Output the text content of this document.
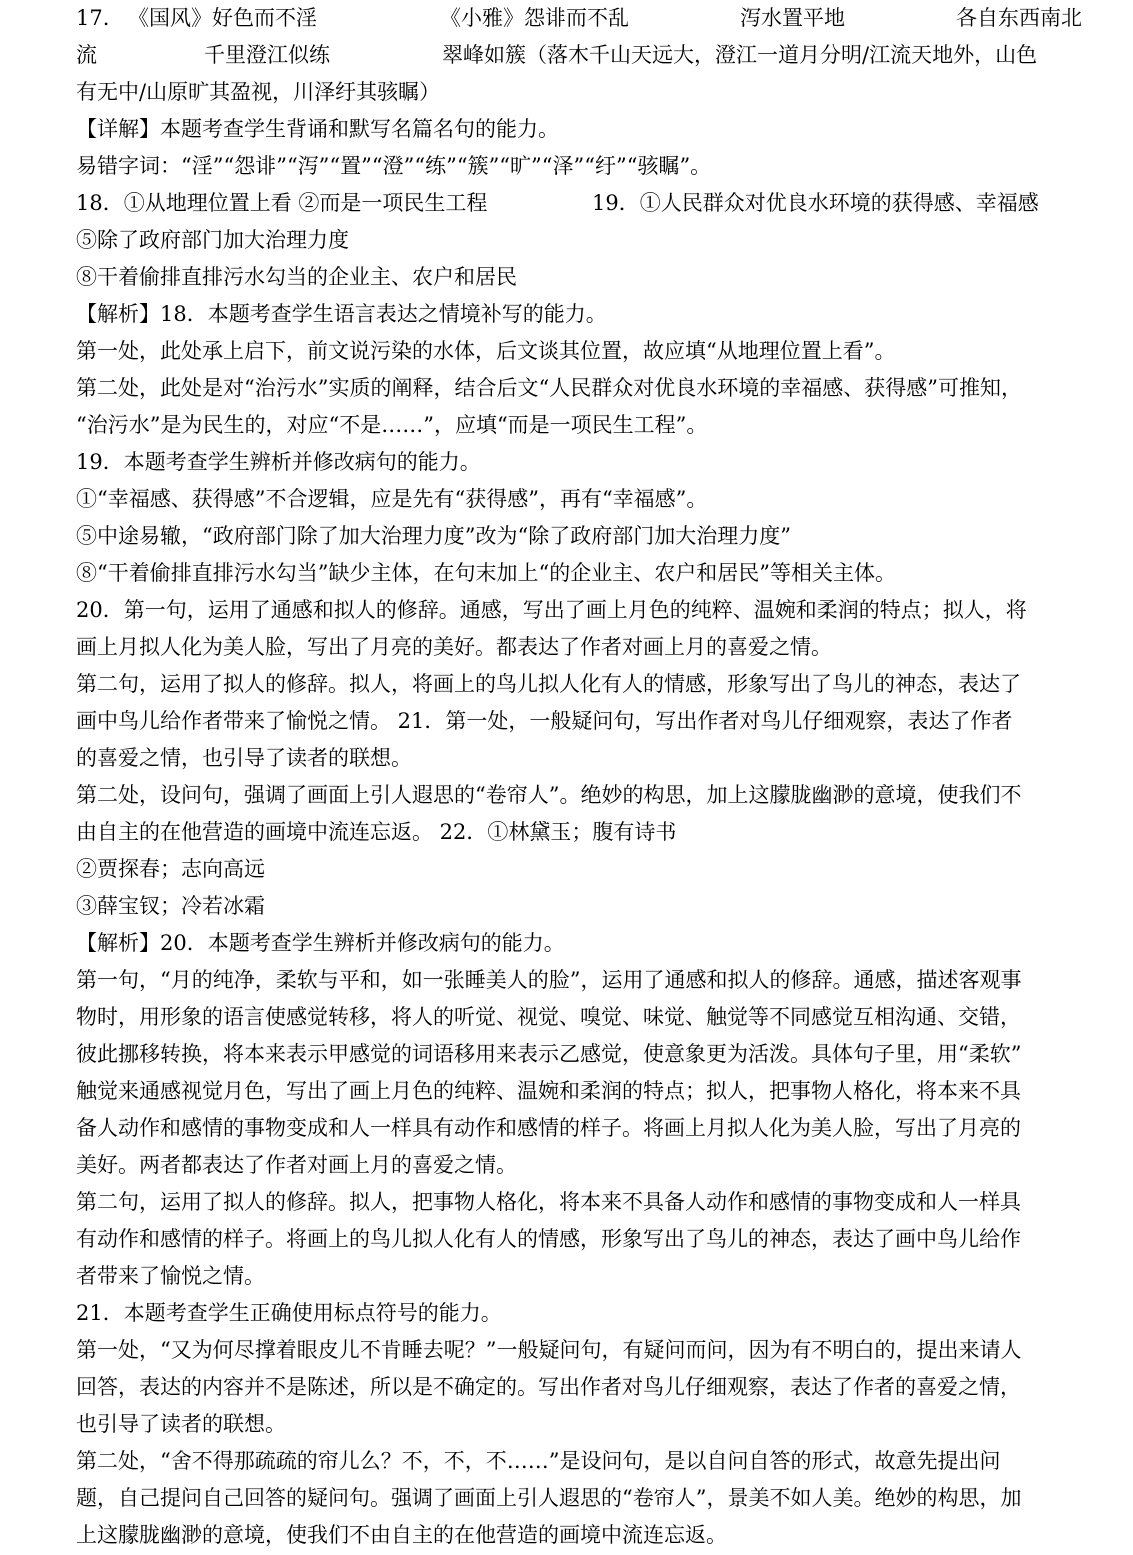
17. 《国风》好色而不淫	《小雅》怨诽而不乱	泻水置平地	各自东西南北
流	千里澄江似练	翠峰如簇（落木千山天远大，澄江一道月分明/江流天地外，山色
有无中/山原旷其盈视，川泽纡其骇瞩）
【详解】本题考查学生背诵和默写名篇名句的能力。
易错字词：“淫”“怨诽”“泻”“置”“澄”“练”“簇”“旷”“泽”“纡”“骇瞩”。
18．①从地理位置上看 ②而是一项民生工程	19．①人民群众对优良水环境的获得感、幸福感
⑤除了政府部门加大治理力度
⑧干着偷排直排污水勾当的企业主、农户和居民
【解析】18．本题考查学生语言表达之情境补写的能力。
第一处，此处承上启下，前文说污染的水体，后文谈其位置，故应填“从地理位置上看”。
第二处，此处是对“治污水”实质的阐释，结合后文“人民群众对优良水环境的幸福感、获得感”可推知，
“治污水”是为民生的，对应“不是……”，应填“而是一项民生工程”。
19．本题考查学生辨析并修改病句的能力。
①“幸福感、获得感”不合逻辑，应是先有“获得感”，再有“幸福感”。
⑤中途易辙，“政府部门除了加大治理力度”改为“除了政府部门加大治理力度”
⑧“干着偷排直排污水勾当”缺少主体，在句末加上“的企业主、农户和居民”等相关主体。
20．第一句，运用了通感和拟人的修辞。通感，写出了画上月色的纯粹、温婉和柔润的特点；拟人，将
画上月拟人化为美人脸，写出了月亮的美好。都表达了作者对画上月的喜爱之情。
第二句，运用了拟人的修辞。拟人，将画上的鸟儿拟人化有人的情感，形象写出了鸟儿的神态，表达了
画中鸟儿给作者带来了愉悦之情。 21．第一处，一般疑问句，写出作者对鸟儿仔细观察，表达了作者
的喜爱之情，也引导了读者的联想。
第二处，设问句，强调了画面上引人遐思的“卷帘人”。绝妙的构思，加上这朦胧幽渺的意境，使我们不
由自主的在他营造的画境中流连忘返。 22．①林黛玉；腹有诗书
②贾探春；志向高远
③薛宝钗；冷若冰霜
【解析】20．本题考查学生辨析并修改病句的能力。
第一句，“月的纯净，柔软与平和，如一张睡美人的脸”，运用了通感和拟人的修辞。通感，描述客观事
物时，用形象的语言使感觉转移，将人的听觉、视觉、嗅觉、味觉、触觉等不同感觉互相沟通、交错，
彼此挪移转换，将本来表示甲感觉的词语移用来表示乙感觉，使意象更为活泼。具体句子里，用“柔软”
触觉来通感视觉月色，写出了画上月色的纯粹、温婉和柔润的特点；拟人，把事物人格化，将本来不具
备人动作和感情的事物变成和人一样具有动作和感情的样子。将画上月拟人化为美人脸，写出了月亮的
美好。两者都表达了作者对画上月的喜爱之情。
第二句，运用了拟人的修辞。拟人，把事物人格化，将本来不具备人动作和感情的事物变成和人一样具
有动作和感情的样子。将画上的鸟儿拟人化有人的情感，形象写出了鸟儿的神态，表达了画中鸟儿给作
者带来了愉悦之情。
21．本题考查学生正确使用标点符号的能力。
第一处，“又为何尽撑着眼皮儿不肯睡去呢？”一般疑问句，有疑问而问，因为有不明白的，提出来请人
回答，表达的内容并不是陈述，所以是不确定的。写出作者对鸟儿仔细观察，表达了作者的喜爱之情，
也引导了读者的联想。
第二处，“舍不得那疏疏的帘儿么？不，不，不……”是设问句，是以自问自答的形式，故意先提出问
题，自己提问自己回答的疑问句。强调了画面上引人遐思的“卷帘人”，景美不如人美。绝妙的构思，加
上这朦胧幽渺的意境，使我们不由自主的在他营造的画境中流连忘返。
